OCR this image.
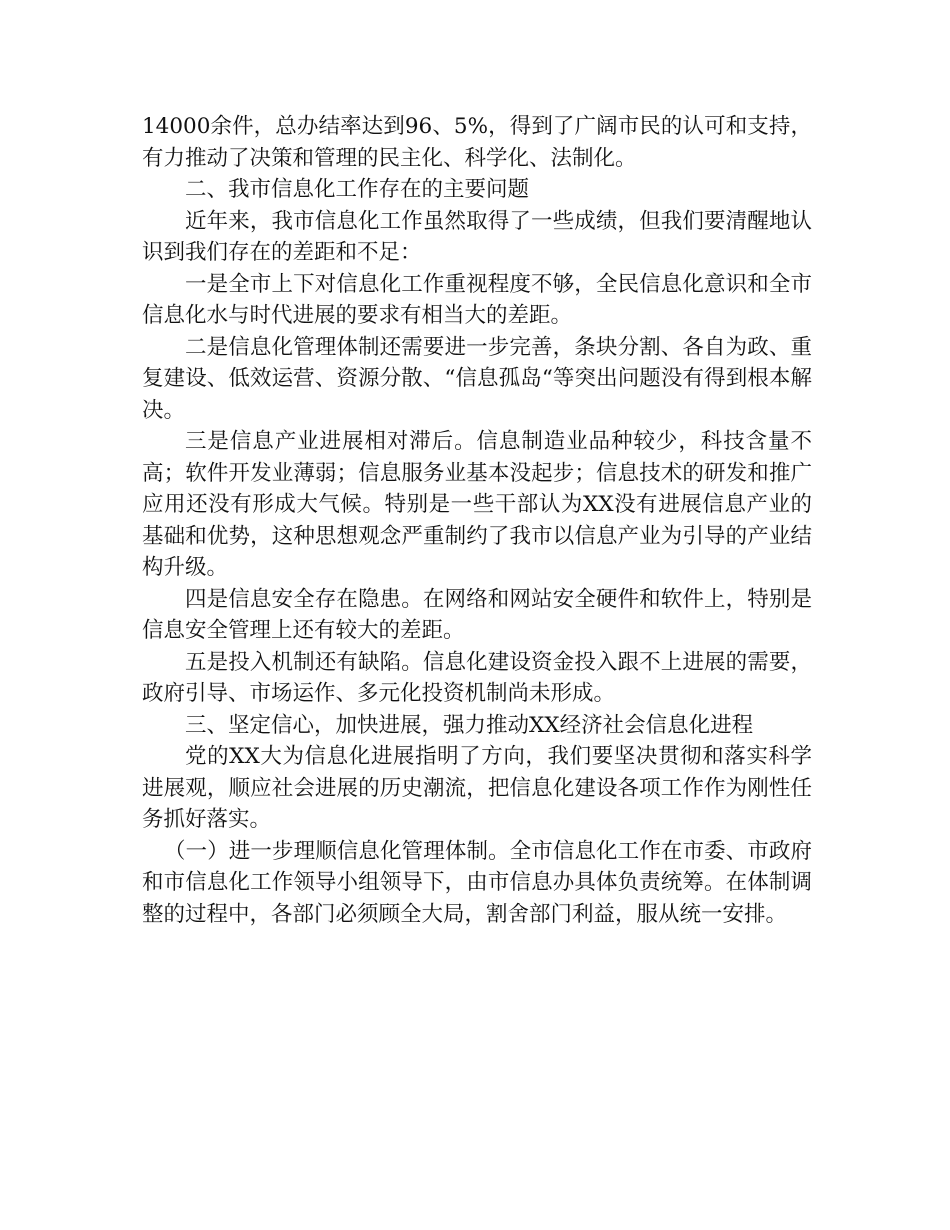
14000余件，总办结率达到96、5%，得到了广阔市民的认可和支持，有力推动了决策和管理的民主化、科学化、法制化。

二、我市信息化工作存在的主要问题

近年来，我市信息化工作虽然取得了一些成绩，但我们要清醒地认识到我们存在的差距和不足：

一是全市上下对信息化工作重视程度不够，全民信息化意识和全市信息化水与时代进展的要求有相当大的差距。

二是信息化管理体制还需要进一步完善，条块分割、各自为政、重复建设、低效运营、资源分散、“信息孤岛“等突出问题没有得到根本解决。

三是信息产业进展相对滞后。信息制造业品种较少，科技含量不高；软件开发业薄弱；信息服务业基本没起步；信息技术的研发和推广应用还没有形成大气候。特别是一些干部认为XX没有进展信息产业的基础和优势，这种思想观念严重制约了我市以信息产业为引导的产业结构升级。

四是信息安全存在隐患。在网络和网站安全硬件和软件上，特别是信息安全管理上还有较大的差距。

五是投入机制还有缺陷。信息化建设资金投入跟不上进展的需要，政府引导、市场运作、多元化投资机制尚未形成。

三、坚定信心，加快进展，强力推动XX经济社会信息化进程

党的XX大为信息化进展指明了方向，我们要坚决贯彻和落实科学进展观，顺应社会进展的历史潮流，把信息化建设各项工作作为刚性任务抓好落实。

（一）进一步理顺信息化管理体制。全市信息化工作在市委、市政府和市信息化工作领导小组领导下，由市信息办具体负责统筹。在体制调整的过程中，各部门必须顾全大局，割舍部门利益，服从统一安排。
